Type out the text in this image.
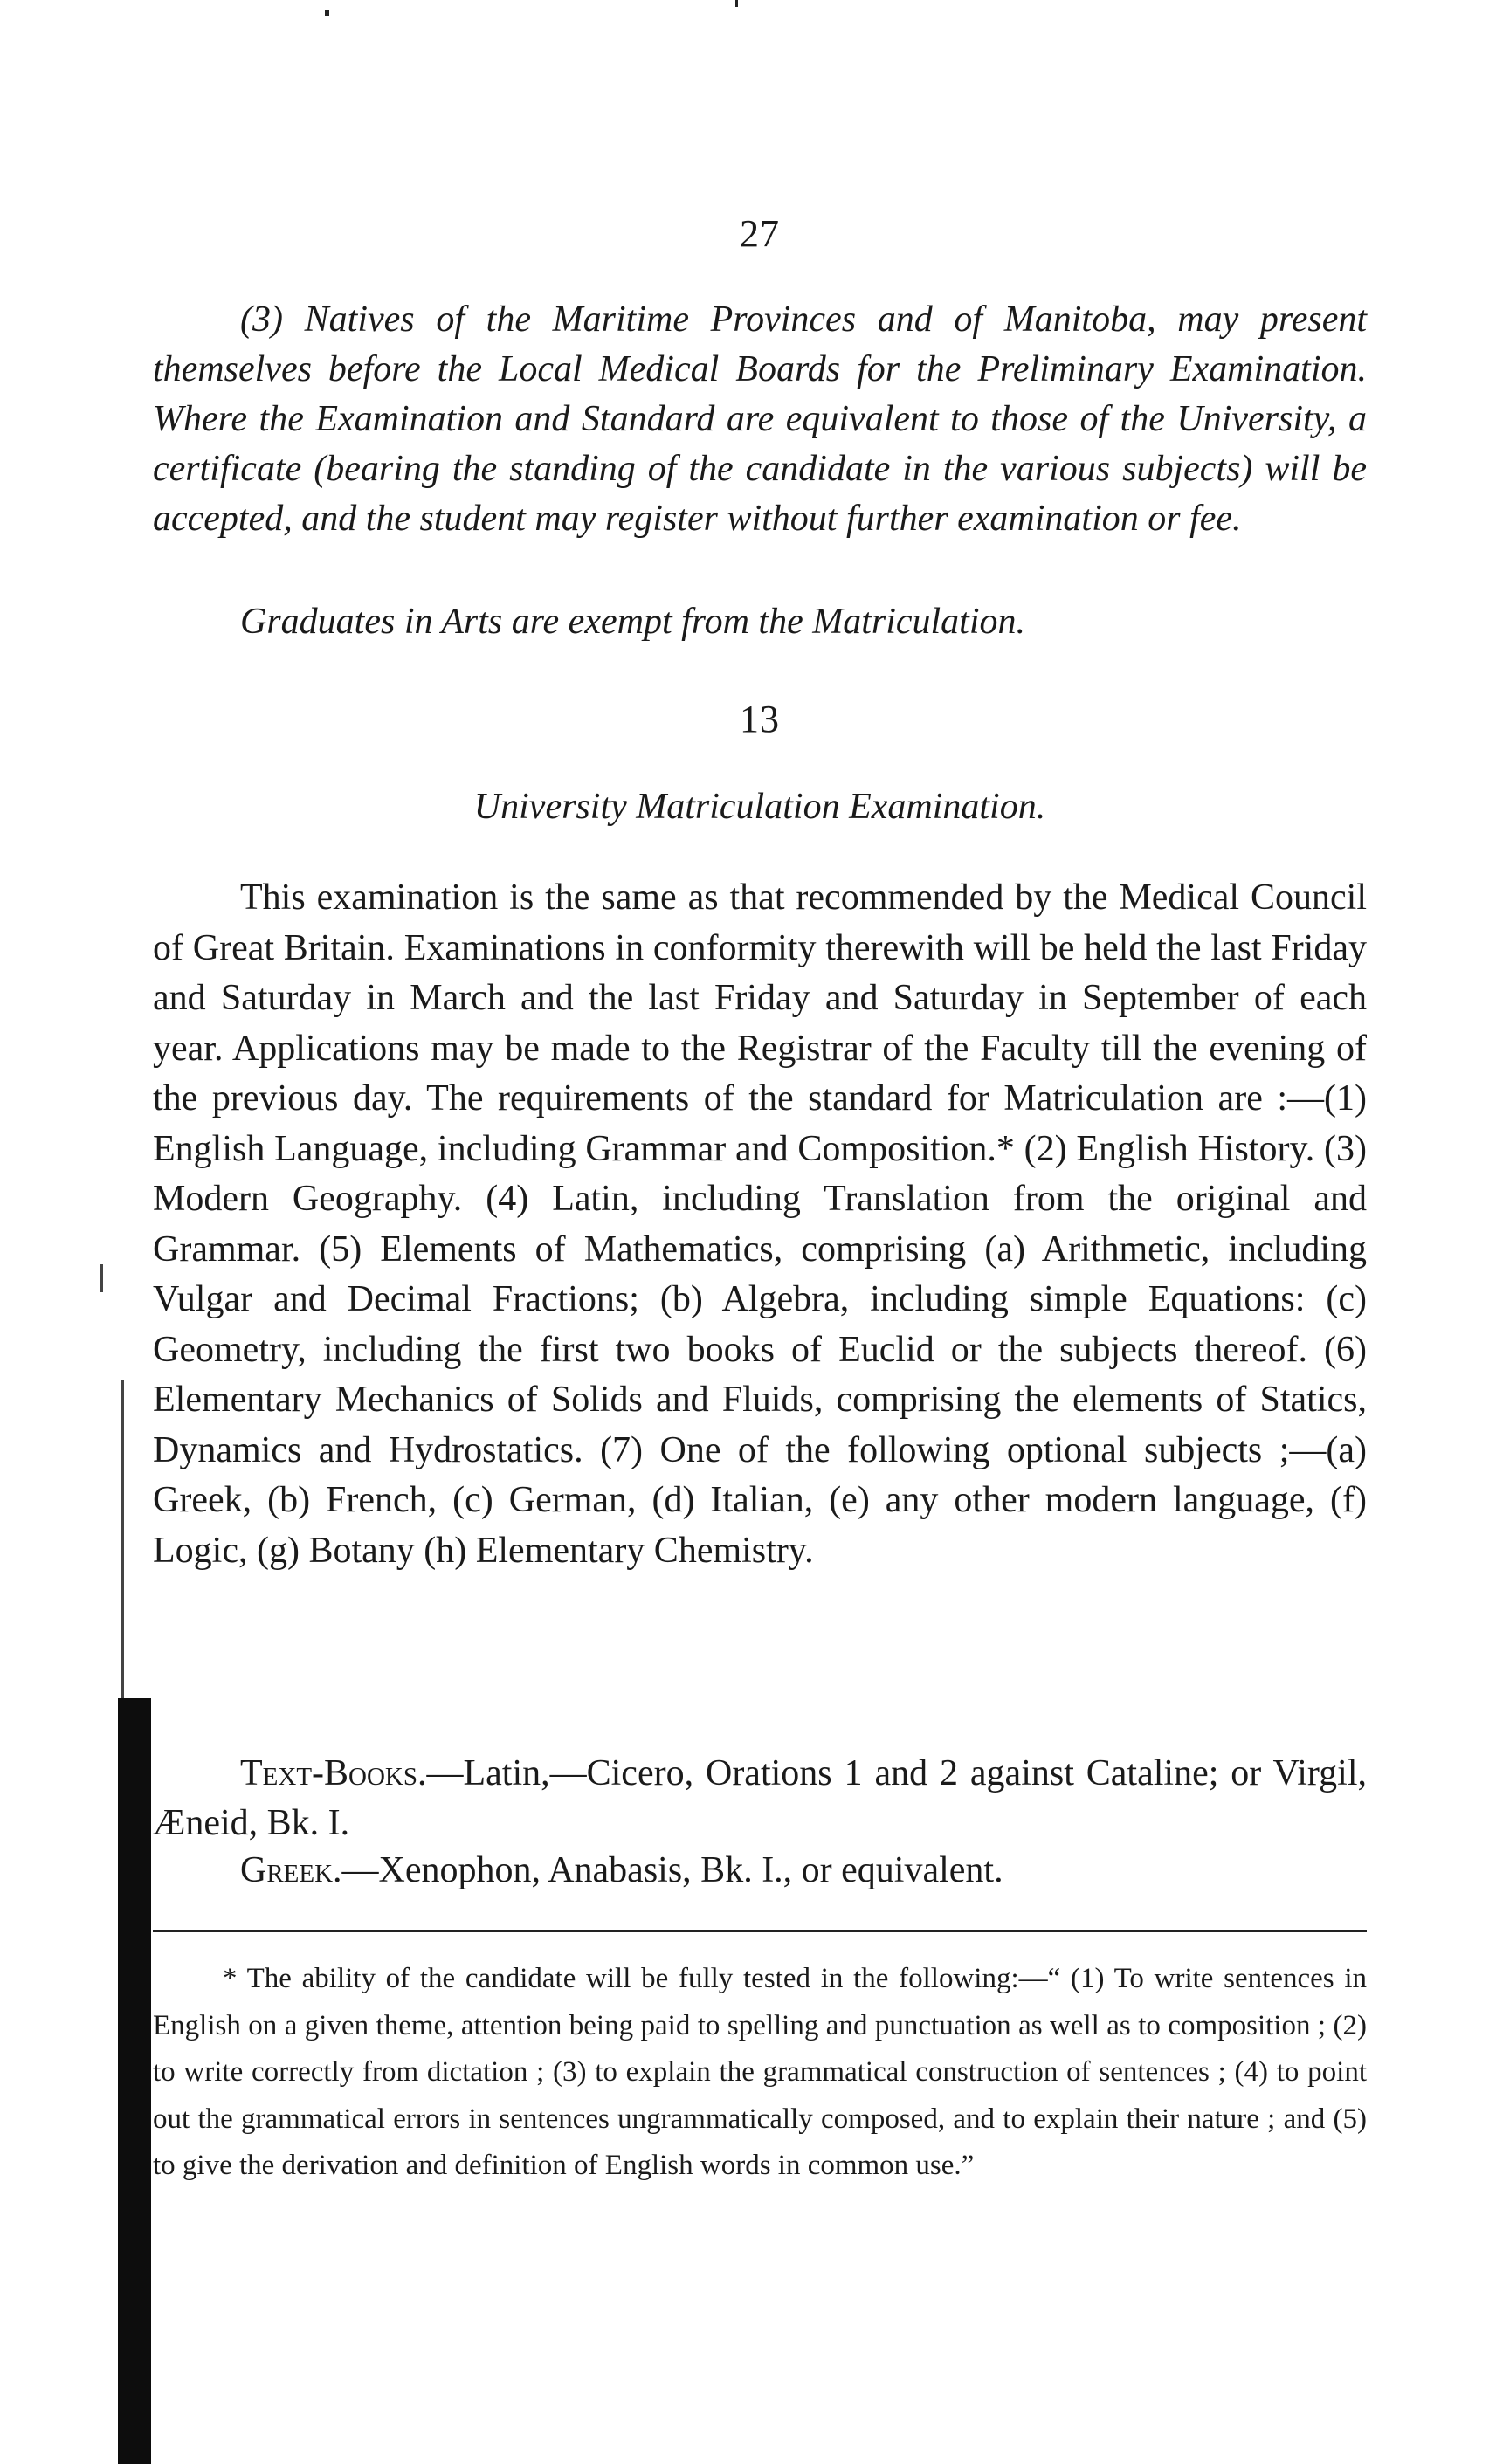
27
(3) Natives of the Maritime Provinces and of Manitoba, may present themselves before the Local Medical Boards for the Preliminary Examination. Where the Examination and Standard are equivalent to those of the University, a certificate (bearing the standing of the candidate in the various subjects) will be accepted, and the student may register without further examination or fee.
Graduates in Arts are exempt from the Matriculation.
13
University Matriculation Examination.
This examination is the same as that recommended by the Medical Council of Great Britain. Examinations in conformity therewith will be held the last Friday and Saturday in March and the last Friday and Saturday in September of each year. Applications may be made to the Registrar of the Faculty till the evening of the previous day. The requirements of the standard for Matriculation are :—(1) English Language, including Grammar and Composition.* (2) English History. (3) Modern Geography. (4) Latin, including Translation from the original and Grammar. (5) Elements of Mathematics, comprising (a) Arithmetic, including Vulgar and Decimal Fractions; (b) Algebra, including simple Equations: (c) Geometry, including the first two books of Euclid or the subjects thereof. (6) Elementary Mechanics of Solids and Fluids, comprising the elements of Statics, Dynamics and Hydrostatics. (7) One of the following optional subjects ;—(a) Greek, (b) French, (c) German, (d) Italian, (e) any other modern language, (f) Logic, (g) Botany (h) Elementary Chemistry.
Text-Books.—Latin,—Cicero, Orations 1 and 2 against Cataline; or Virgil, Æneid, Bk. I.
Greek.—Xenophon, Anabasis, Bk. I., or equivalent.
* The ability of the candidate will be fully tested in the following:—“ (1) To write sentences in English on a given theme, attention being paid to spelling and punctuation as well as to composition ; (2) to write correctly from dictation ; (3) to explain the grammatical construction of sentences ; (4) to point out the grammatical errors in sentences ungrammatically composed, and to explain their nature ; and (5) to give the derivation and definition of English words in common use.”
